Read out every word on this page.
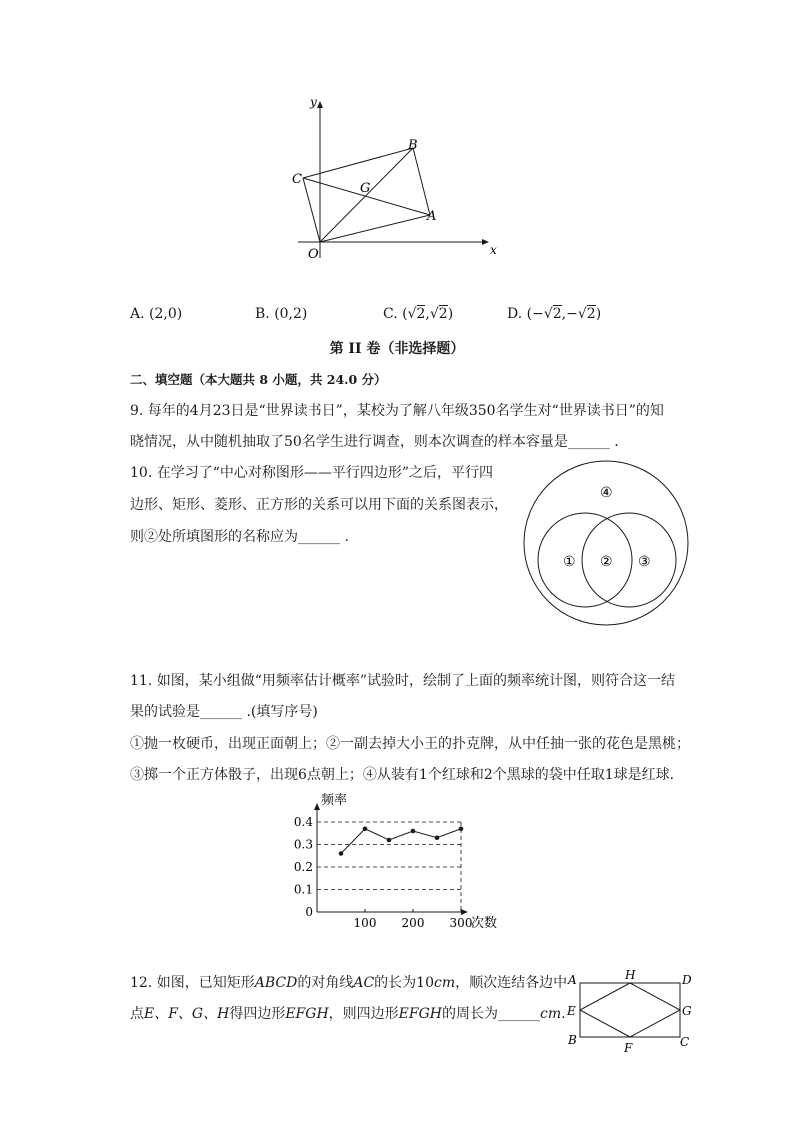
y
x
O
B
C
G
A
A. (2,0)	B. (0,2)	C. (√2,√2)	D. (−√2,−√2)
第 II 卷（非选择题）
二、填空题（本大题共 8 小题，共 24.0 分）
9. 每年的4月23日是“世界读书日”，某校为了解八年级350名学生对“世界读书日”的知
晓情况，从中随机抽取了50名学生进行调查，则本次调查的样本容量是______ .
10. 在学习了“中心对称图形——平行四边形”之后，平行四
边形、矩形、菱形、正方形的关系可以用下面的关系图表示，
则②处所填图形的名称应为______ .
④
① ② ③
11. 如图，某小组做“用频率估计概率”试验时，绘制了上面的频率统计图，则符合这一结
果的试验是______ .(填写序号)
①抛一枚硬币，出现正面朝上；②一副去掉大小王的扑克牌，从中任抽一张的花色是黑桃；
③掷一个正方体骰子，出现6点朝上；④从装有1个红球和2个黑球的袋中任取1球是红球．
频率
次数
0
0.1
0.2
0.3
0.4
100 200 300
12. 如图，已知矩形ABCD的对角线AC的长为10cm，顺次连结各边中
点E、F、G、H得四边形EFGH，则四边形EFGH的周长为______cm.
A	H	D
E	G
B
F	C
